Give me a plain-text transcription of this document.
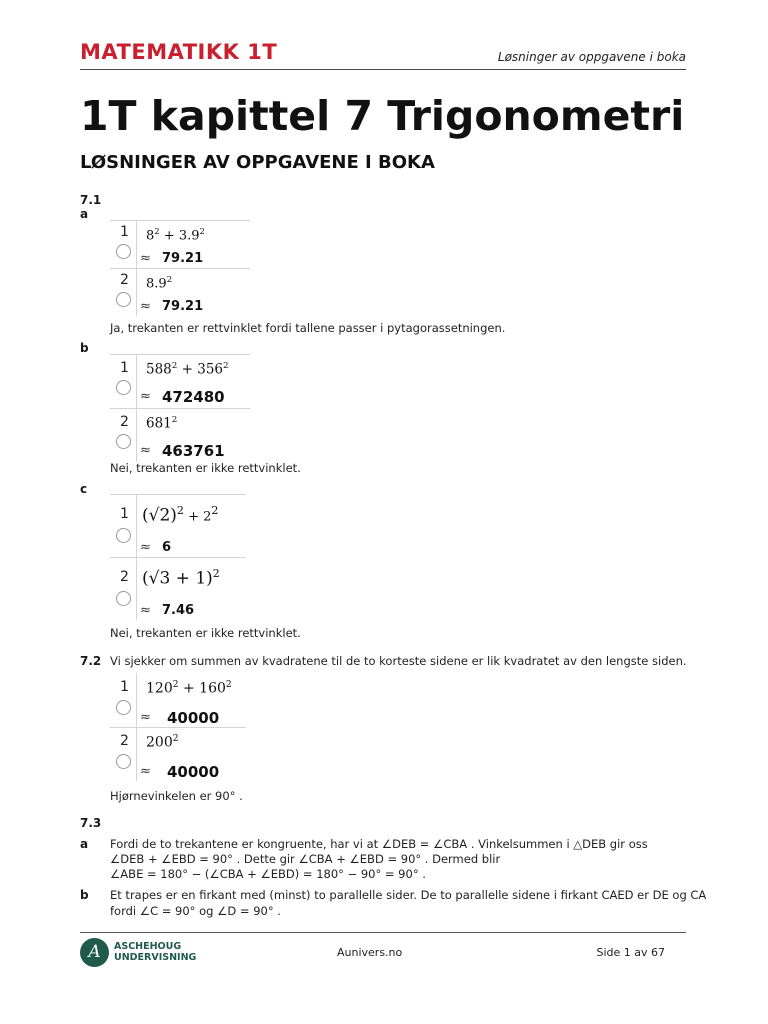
MATEMATIKK 1T	Løsninger av oppgavene i boka
1T kapittel 7 Trigonometri
LØSNINGER AV OPPGAVENE I BOKA
7.1
a
1 $8^2 + 3.9^2$
≈ 79.21
2 $8.9^2$
≈ 79.21
Ja, trekanten er rettvinklet fordi tallene passer i pytagorassetningen.
b
1 $588^2 + 356^2$
≈ 472480
2 $681^2$
≈ 463761
Nei, trekanten er ikke rettvinklet.
c
1 $(√2)^2 + 2^2$
≈ 6
2 $(√3 + 1)^2$
≈ 7.46
Nei, trekanten er ikke rettvinklet.
7.2 Vi sjekker om summen av kvadratene til de to korteste sidene er lik kvadratet av den lengste siden.
1 $120^2 + 160^2$
≈ 40000
2 $200^2$
≈ 40000
Hjørnevinkelen er 90° .
7.3
a Fordi de to trekantene er kongruente, har vi at ∠DEB = ∠CBA . Vinkelsummen i △DEB gir oss
∠DEB + ∠EBD = 90° . Dette gir ∠CBA + ∠EBD = 90° . Dermed blir
∠ABE = 180° − (∠CBA + ∠EBD) = 180° − 90° = 90° .
b Et trapes er en firkant med (minst) to parallelle sider. De to parallelle sidene i firkant CAED er DE og CA
fordi ∠C = 90° og ∠D = 90° .
A	ASCHEHOUG
UNDERVISNING	Aunivers.no	Side 1 av 67
